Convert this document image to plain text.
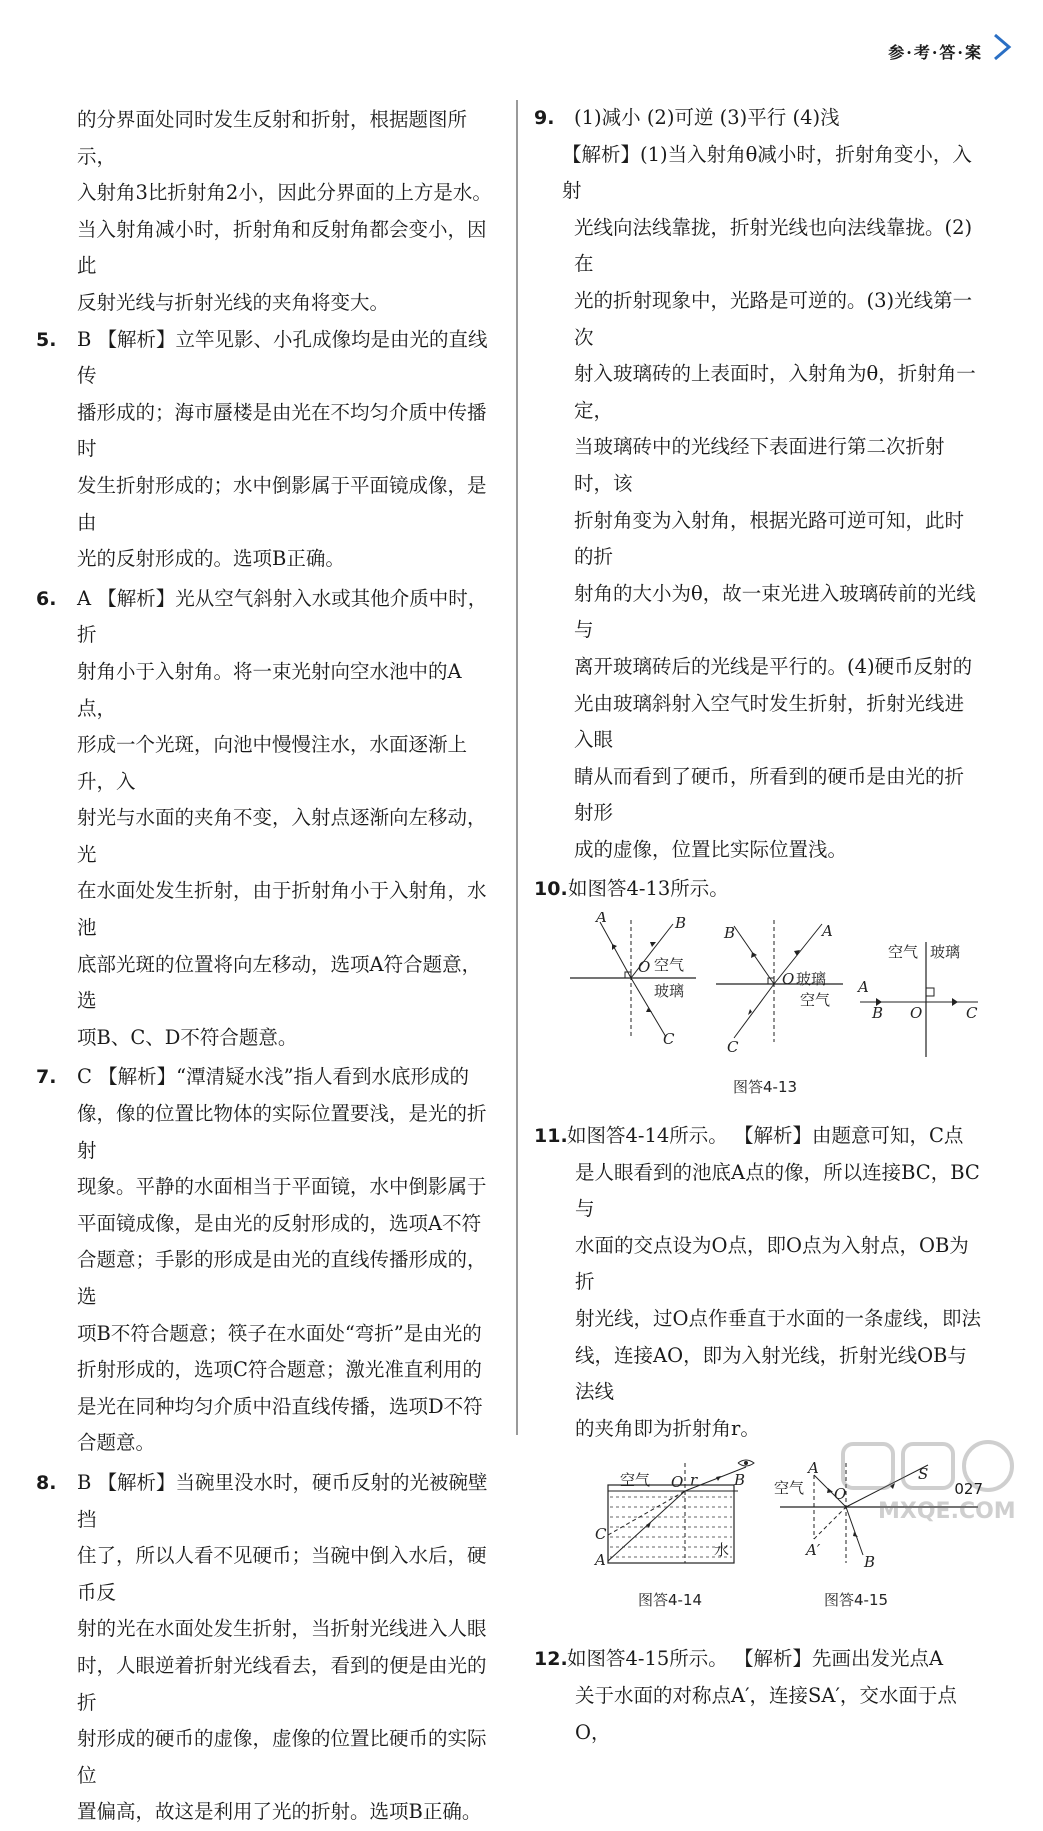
参·考·答·案
的分界面处同时发生反射和折射，根据题图所示，
入射角3比折射角2小，因此分界面的上方是水。
当入射角减小时，折射角和反射角都会变小，因此
反射光线与折射光线的夹角将变大。
5. B 【解析】立竿见影、小孔成像均是由光的直线传
播形成的；海市蜃楼是由光在不均匀介质中传播时
发生折射形成的；水中倒影属于平面镜成像，是由
光的反射形成的。选项B正确。
6. A 【解析】光从空气斜射入水或其他介质中时，折
射角小于入射角。将一束光射向空水池中的A点，
形成一个光斑，向池中慢慢注水，水面逐渐上升，入
射光与水面的夹角不变，入射点逐渐向左移动，光
在水面处发生折射，由于折射角小于入射角，水池
底部光斑的位置将向左移动，选项A符合题意，选
项B、C、D不符合题意。
7. C 【解析】“潭清疑水浅”指人看到水底形成的
像，像的位置比物体的实际位置要浅，是光的折射
现象。平静的水面相当于平面镜，水中倒影属于
平面镜成像，是由光的反射形成的，选项A不符
合题意；手影的形成是由光的直线传播形成的，选
项B不符合题意；筷子在水面处“弯折”是由光的
折射形成的，选项C符合题意；激光准直利用的
是光在同种均匀介质中沿直线传播，选项D不符
合题意。
8. B 【解析】当碗里没水时，硬币反射的光被碗壁挡
住了，所以人看不见硬币；当碗中倒入水后，硬币反
射的光在水面处发生折射，当折射光线进入人眼
时，人眼逆着折射光线看去，看到的便是由光的折
射形成的硬币的虚像，虚像的位置比硬币的实际位
置偏高，故这是利用了光的折射。选项B正确。
9. (1)减小 (2)可逆 (3)平行 (4)浅
【解析】(1)当入射角θ减小时，折射角变小，入射
光线向法线靠拢，折射光线也向法线靠拢。(2)在
光的折射现象中，光路是可逆的。(3)光线第一次
射入玻璃砖的上表面时，入射角为θ，折射角一定，
当玻璃砖中的光线经下表面进行第二次折射时，该
折射角变为入射角，根据光路可逆可知，此时的折
射角的大小为θ，故一束光进入玻璃砖前的光线与
离开玻璃砖后的光线是平行的。(4)硬币反射的
光由玻璃斜射入空气时发生折射，折射光线进入眼
睛从而看到了硬币，所看到的硬币是由光的折射形
成的虚像，位置比实际位置浅。
10. 如图答4-13所示。
A	B
O
C
空气
玻璃
B	A
O
C
玻璃
空气
空气 玻璃
A
B O	C
图答4-13
11. 如图答4-14所示。 【解析】由题意可知，C点
是人眼看到的池底A点的像，所以连接BC，BC与
水面的交点设为O点，即O点为入射点，OB为折
射光线，过O点作垂直于水面的一条虚线，即法
线，连接AO，即为入射光线，折射光线OB与法线
的夹角即为折射角r。
空气 O r B
C
A
水
图答4-14
空气
A
O
S
A′
B
图答4-15
12. 如图答4-15所示。 【解析】先画出发光点A
关于水面的对称点A′，连接SA′，交水面于点O，
MXQE.COM
027
